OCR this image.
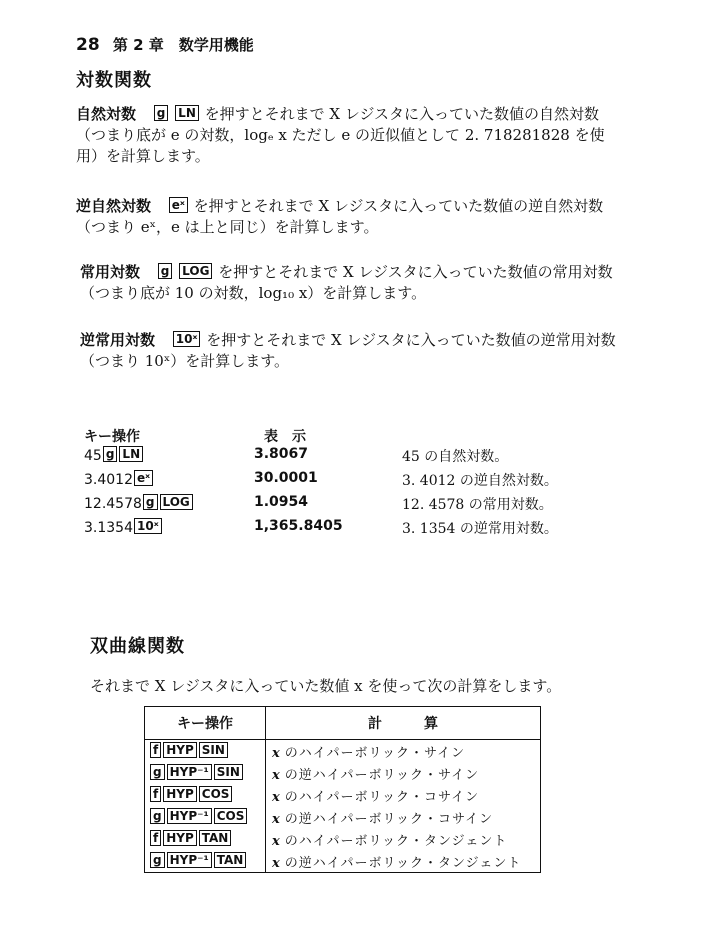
28 第 2 章　数学用機能
対数関数
自然対数 g LN を押すとそれまで X レジスタに入っていた数値の自然対数（つまり底が e の対数，logₑ x ただし e の近似値として 2. 718281828 を使用）を計算します。
逆自然対数 eˣ を押すとそれまで X レジスタに入っていた数値の逆自然対数（つまり eˣ，e は上と同じ）を計算します。
常用対数 g LOG を押すとそれまで X レジスタに入っていた数値の常用対数（つまり底が 10 の対数，log₁₀ x）を計算します。
逆常用対数 10ˣ を押すとそれまで X レジスタに入っていた数値の逆常用対数（つまり 10ˣ）を計算します。
キー操作	表　示
45 g LN	3.8067	45 の自然対数。
3.4012 eˣ	30.0001	3. 4012 の逆自然対数。
12.4578 g LOG	1.0954	12. 4578 の常用対数。
3.1354 10ˣ	1,365.8405	3. 1354 の逆常用対数。
双曲線関数
それまで X レジスタに入っていた数値 x を使って次の計算をします。
キー操作	計　　　算
f HYP SIN	x のハイパーボリック・サイン
g HYP⁻¹ SIN	x の逆ハイパーボリック・サイン
f HYP COS	x のハイパーボリック・コサイン
g HYP⁻¹ COS	x の逆ハイパーボリック・コサイン
f HYP TAN	x のハイパーボリック・タンジェント
g HYP⁻¹ TAN	x の逆ハイパーボリック・タンジェント
